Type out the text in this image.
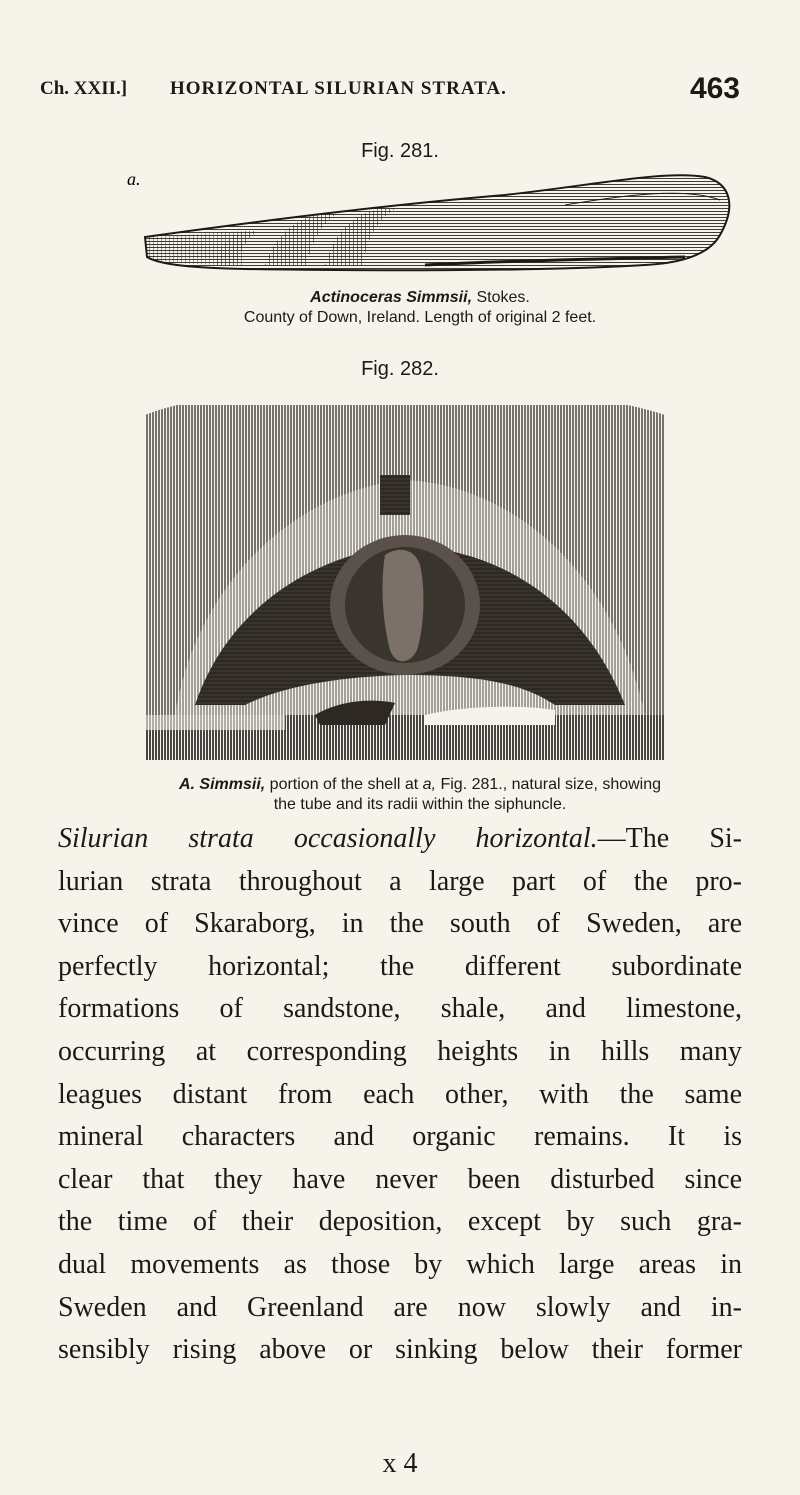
Ch. XXII.] HORIZONTAL SILURIAN STRATA.	463
Fig. 281.
a.
Actinoceras Simmsii, Stokes.
County of Down, Ireland. Length of original 2 feet.
Fig. 282.
A. Simmsii, portion of the shell at a, Fig. 281., natural size, showing
the tube and its radii within the siphuncle.
Silurian strata occasionally horizontal.—The Si-
lurian strata throughout a large part of the pro-
vince of Skaraborg, in the south of Sweden, are
perfectly horizontal; the different subordinate
formations of sandstone, shale, and limestone,
occurring at corresponding heights in hills many
leagues distant from each other, with the same
mineral characters and organic remains. It is
clear that they have never been disturbed since
the time of their deposition, except by such gra-
dual movements as those by which large areas in
Sweden and Greenland are now slowly and in-
sensibly rising above or sinking below their former
x 4
